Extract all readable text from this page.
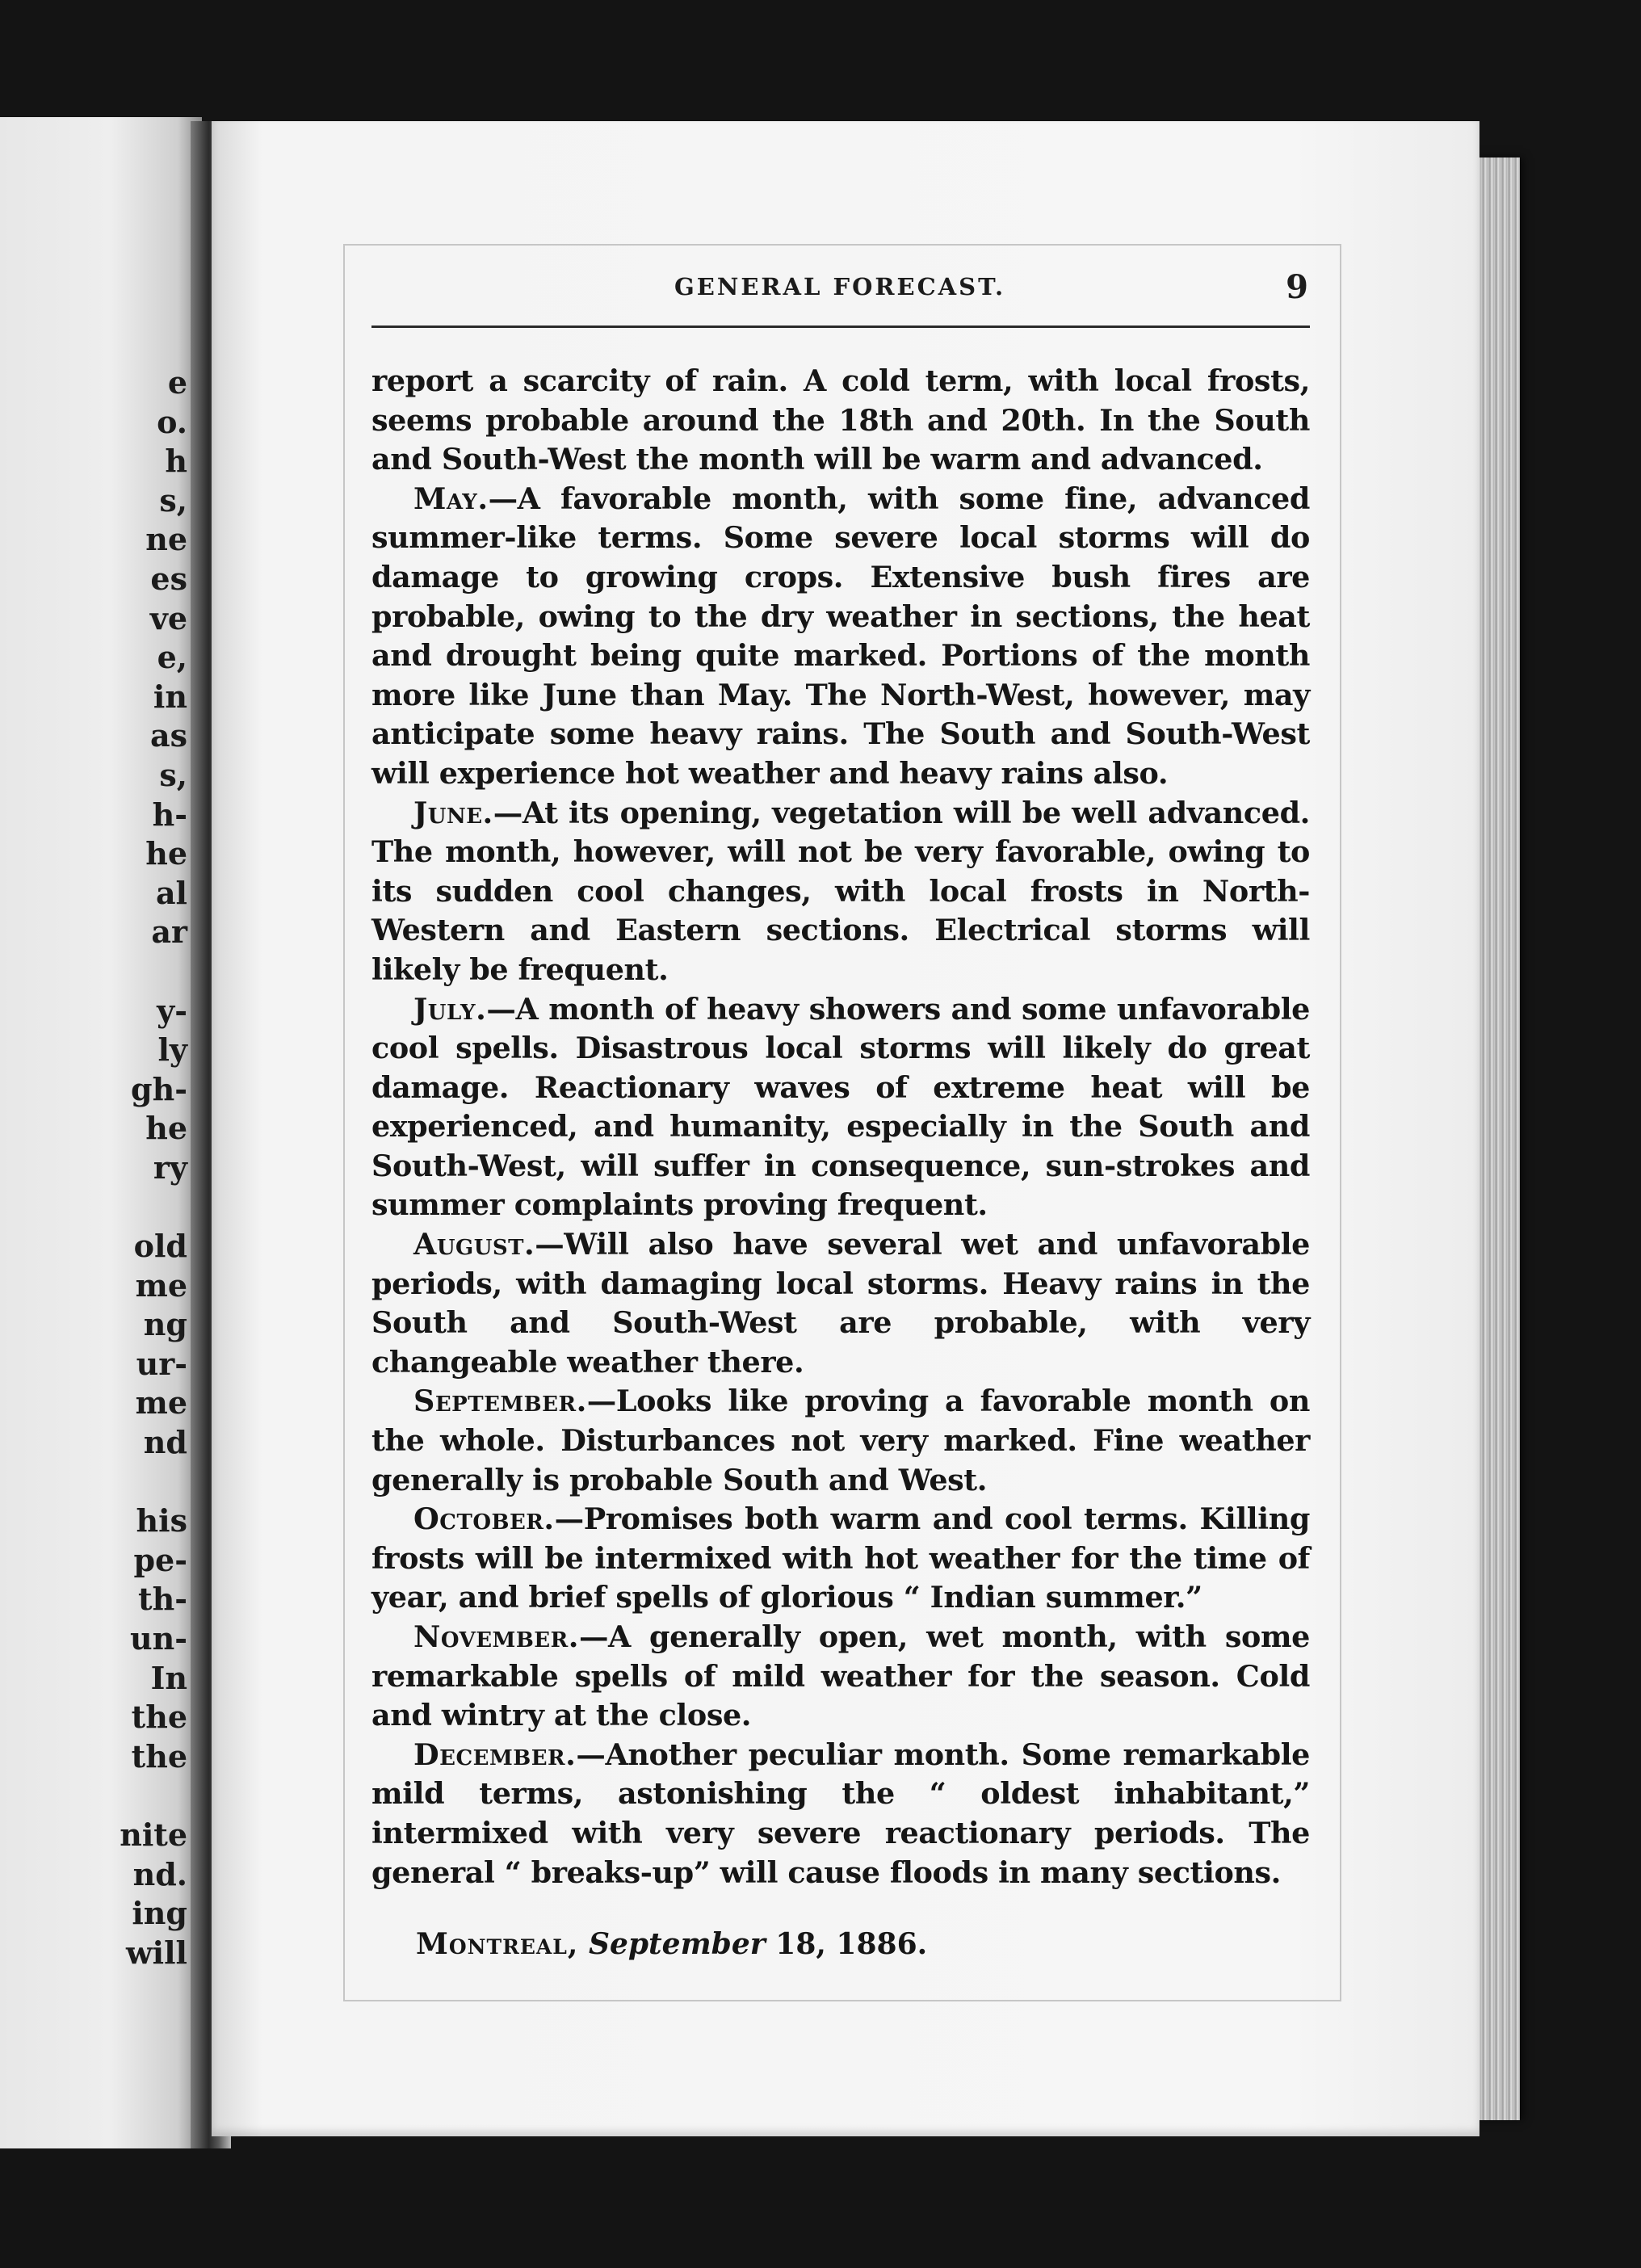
e
o.
h
s,
ne
es
ve
e,
in
as
s,
h-
he
al
ar
y-
ly
gh-
he
ry
old
me
ng
ur-
me
nd
his
pe-
th-
un-
In
the
the
nite
nd.
ing
will
GENERAL FORECAST.	9

report a scarcity of rain. A cold term, with local frosts, seems probable around the 18th and 20th. In the South and South-West the month will be warm and advanced.

May.—A favorable month, with some fine, advanced summer-like terms. Some severe local storms will do damage to growing crops. Extensive bush fires are probable, owing to the dry weather in sections, the heat and drought being quite marked. Portions of the month more like June than May. The North-West, however, may anticipate some heavy rains. The South and South-West will experience hot weather and heavy rains also.

June.—At its opening, vegetation will be well advanced. The month, however, will not be very favorable, owing to its sudden cool changes, with local frosts in North-Western and Eastern sections. Electrical storms will likely be frequent.

July.—A month of heavy showers and some unfavorable cool spells. Disastrous local storms will likely do great damage. Reactionary waves of extreme heat will be experienced, and humanity, especially in the South and South-West, will suffer in consequence, sun-strokes and summer complaints proving frequent.

August.—Will also have several wet and unfavorable periods, with damaging local storms. Heavy rains in the South and South-West are probable, with very changeable weather there.

September.—Looks like proving a favorable month on the whole. Disturbances not very marked. Fine weather generally is probable South and West.

October.—Promises both warm and cool terms. Killing frosts will be intermixed with hot weather for the time of year, and brief spells of glorious “ Indian summer.”

November.—A generally open, wet month, with some remarkable spells of mild weather for the season. Cold and wintry at the close.

December.—Another peculiar month. Some remarkable mild terms, astonishing the “ oldest inhabitant,” intermixed with very severe reactionary periods. The general “ breaks-up” will cause floods in many sections.

Montreal, September 18, 1886.
